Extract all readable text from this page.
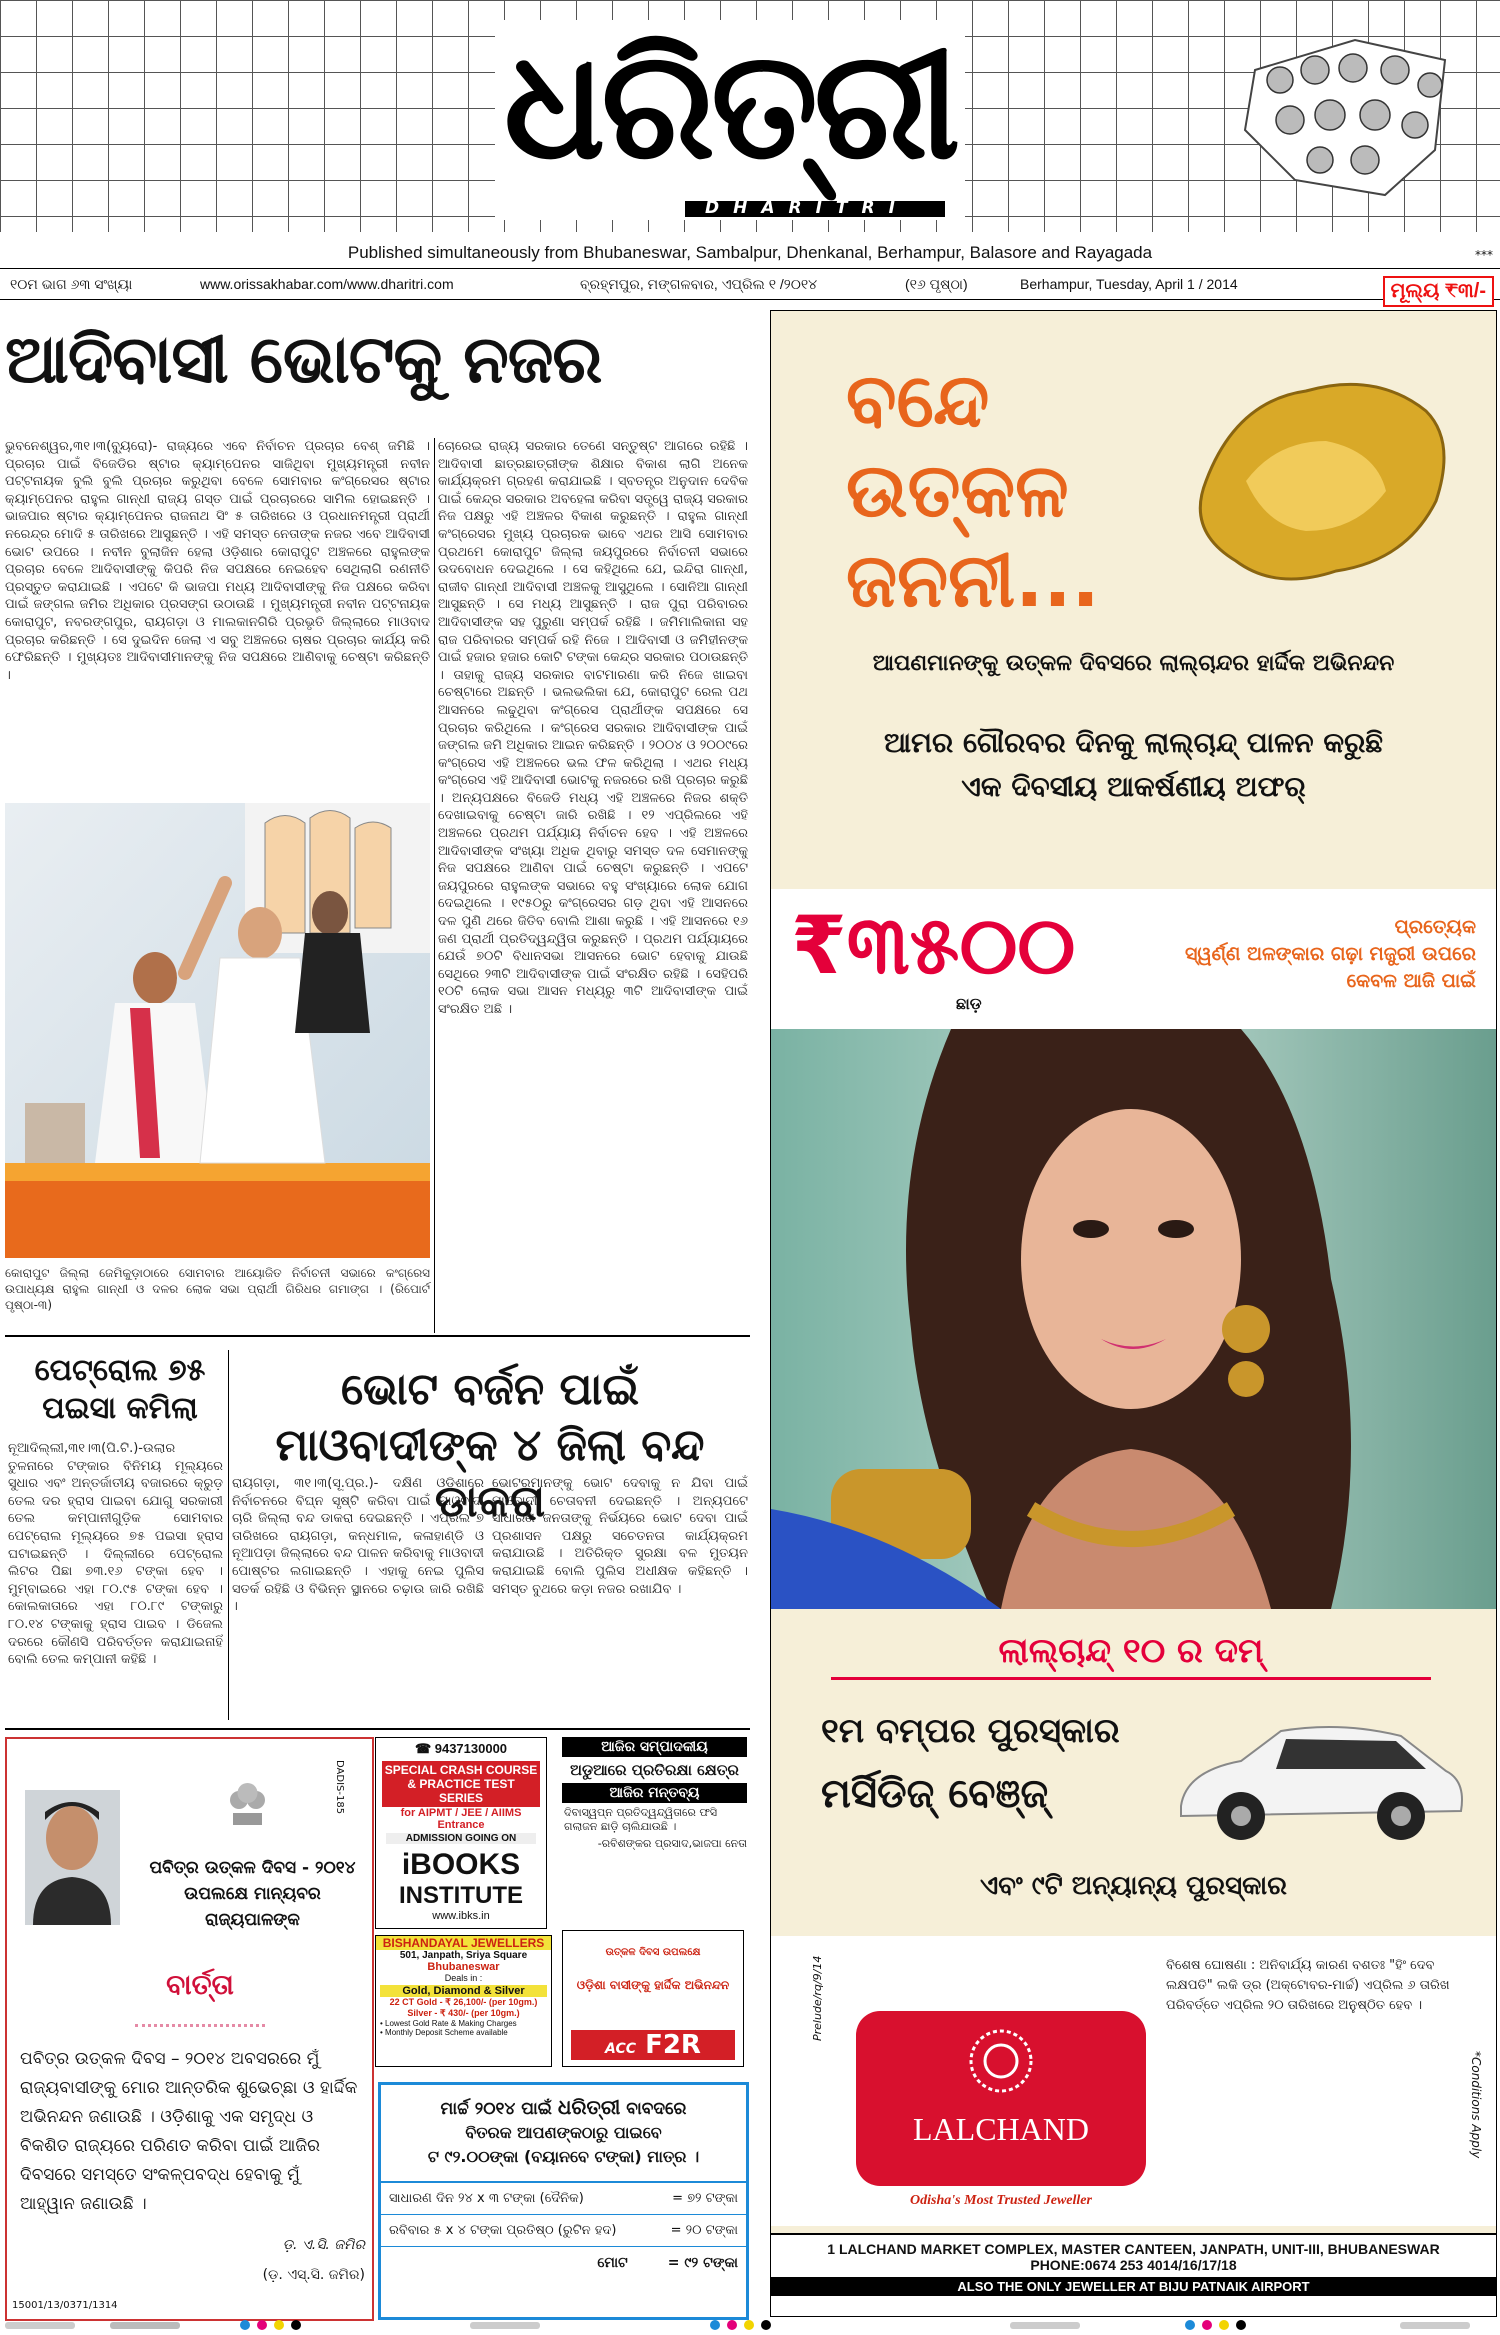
ଧରିତ୍ରୀ
DHARITRI
Published simultaneously from Bhubaneswar, Sambalpur, Dhenkanal, Berhampur, Balasore and Rayagada	***
୧୦ମ ଭାଗ ୬୩ ସଂଖ୍ୟା	www.orissakhabar.com/www.dharitri.com	ବ୍ରହ୍ମପୁର, ମଙ୍ଗଳବାର, ଏପ୍ରିଲ ୧ /୨୦୧୪	(୧୬ ପୃଷ୍ଠା)	Berhampur, Tuesday, April 1 / 2014	ମୂଲ୍ୟ ₹୩/-
ଆଦିବାସୀ ଭୋଟକୁ ନଜର
ଭୁବନେଶ୍ୱର,୩୧।୩(ବ୍ୟୁରୋ)- ରାଜ୍ୟରେ ଏବେ ନିର୍ବାଚନ ପ୍ରଚାର ବେଶ୍ ଜମିଛି । ପ୍ରଚାର ପାଇଁ ବିଜେଡିର ଷ୍ଟାର କ୍ୟାମ୍ପେନର ସାଜିଥିବା ମୁଖ୍ୟମନ୍ତ୍ରୀ ନବୀନ ପଟ୍ଟନାୟକ ବୁଲି ବୁଲି ପ୍ରଚାର କରୁଥିବା ବେଳେ ସୋମବାର କଂଗ୍ରେସର ଷ୍ଟାର କ୍ୟାମ୍ପେନର ରାହୁଲ ଗାନ୍ଧୀ ରାଜ୍ୟ ଗସ୍ତ ପାଇଁ ପ୍ରଚାରରେ ସାମିଲ ହୋଇଛନ୍ତି । ଭାଜପାର ଷ୍ଟାର କ୍ୟାମ୍ପେନର ରାଜନାଥ ସିଂ ୫ ତାରିଖରେ ଓ ପ୍ରଧାନମନ୍ତ୍ରୀ ପ୍ରାର୍ଥୀ ନରେନ୍ଦ୍ର ମୋଦି ୫ ତାରିଖରେ ଆସୁଛନ୍ତି । ଏହି ସମସ୍ତ ନେତାଙ୍କ ନଜର ଏବେ ଆଦିବାସୀ ଭୋଟ ଉପରେ । ନବୀନ ବୁଲାଜିନ ହେଲା ଓଡ଼ିଶାର କୋରାପୁଟ ଅଞ୍ଚଳରେ ରାହୁଲଙ୍କ ପ୍ରଚାର ବେଳେ ଆଦିବାସୀଙ୍କୁ କିପରି ନିଜ ସପକ୍ଷରେ ନେଇହେବ ସେଥିଲାଗି ରଣନୀତି ପ୍ରସ୍ତୁତ କରାଯାଇଛି । ଏପଟେ କି ଭାଜପା ମଧ୍ୟ ଆଦିବାସୀଙ୍କୁ ନିଜ ପକ୍ଷରେ କରିବା ପାଇଁ ଜଙ୍ଗଲ ଜମିର ଅଧିକାର ପ୍ରସଙ୍ଗ ଉଠାଉଛି । ମୁଖ୍ୟମନ୍ତ୍ରୀ ନବୀନ ପଟ୍ଟନାୟକ କୋରାପୁଟ, ନବରଙ୍ଗପୁର, ରାୟଗଡ଼ା ଓ ମାଲକାନଗିରି ପ୍ରଭୃତି ଜିଲ୍ଲାରେ ମାଓବାଦ ପ୍ରଚାର କରିଛନ୍ତି । ସେ ଦୁଇଦିନ ଜେଲା ଏ ସବୁ ଅଞ୍ଚଳରେ ଚାଷର ପ୍ରଚାର କାର୍ଯ୍ୟ କରି ଫେରିଛନ୍ତି । ମୁଖ୍ୟତଃ ଆଦିବାସୀମାନଙ୍କୁ ନିଜ ସପକ୍ଷରେ ଆଣିବାକୁ ଚେଷ୍ଟା କରିଛନ୍ତି ।
ଚୋରେଇ ରାଜ୍ୟ ସରକାର ତେଣେ ସନ୍ତୁଷ୍ଟ ଆଗରେ ରହିଛି । ଆଦିବାସୀ ଛାତ୍ରଛାତ୍ରୀଙ୍କ ଶିକ୍ଷାର ବିକାଶ ଲାଗି ଅନେକ କାର୍ଯ୍ୟକ୍ରମ ଗ୍ରହଣ କରାଯାଇଛି । ସ୍ବତନ୍ତ୍ର ଅନୁଦାନ ଦେବିକ ପାଇଁ କେନ୍ଦ୍ର ସରକାର ଅବହେଳା କରିବା ସତ୍ତ୍ୱେ ରାଜ୍ୟ ସରକାର ନିଜ ପକ୍ଷରୁ ଏହି ଅଞ୍ଚଳର ବିକାଶ କରୁଛନ୍ତି । ରାହୁଲ ଗାନ୍ଧୀ କଂଗ୍ରେସର ମୁଖ୍ୟ ପ୍ରଚାରକ ଭାବେ ଏଥର ଆସି ସୋମବାର ପ୍ରଥମେ କୋରାପୁଟ ଜିଲ୍ଲା ଜୟପୁରରେ ନିର୍ବାଚନୀ ସଭାରେ ଉଦବୋଧନ ଦେଇଥିଲେ । ସେ କହିଥିଲେ ଯେ, ଇନ୍ଦିରା ଗାନ୍ଧୀ, ରାଜୀବ ଗାନ୍ଧୀ ଆଦିବାସୀ ଅଞ୍ଚଳକୁ ଆସୁଥିଲେ । ସୋନିଆ ଗାନ୍ଧୀ ଆସୁଛନ୍ତି । ସେ ମଧ୍ୟ ଆସୁଛନ୍ତି । ରାଜ ପୁରା ପରିବାରର ଆଦିବାସୀଙ୍କ ସହ ପୁରୁଣା ସମ୍ପର୍କ ରହିଛି । ଜମିମାଲିକାନା ସହ ରାଜ ପରିବାରର ସମ୍ପର୍କ ରହି ନିଜେ । ଆଦିବାସୀ ଓ ଜମିହୀନଙ୍କ ପାଇଁ ହଜାର ହଜାର କୋଟି ଟଙ୍କା କେନ୍ଦ୍ର ସରକାର ପଠାଉଛନ୍ତି । ତାହାକୁ ରାଜ୍ୟ ସରକାର ବାଟମାରଣା କରି ନିଜେ ଖାଇବା ଚେଷ୍ଟାରେ ଅଛନ୍ତି । ଭଲଭଲିକା ଯେ, କୋରାପୁଟ ରେଲ ପଥ ଆସନରେ ଲଢୁଥିବା କଂଗ୍ରେସ ପ୍ରାର୍ଥୀଙ୍କ ସପକ୍ଷରେ ସେ ପ୍ରଚାର କରିଥିଲେ । କଂଗ୍ରେସ ସରକାର ଆଦିବାସୀଙ୍କ ପାଇଁ ଜଙ୍ଗଲ ଜମି ଅଧିକାର ଆଇନ କରିଛନ୍ତି । ୨୦୦୪ ଓ ୨୦୦୯ରେ କଂଗ୍ରେସ ଏହି ଅଞ୍ଚଳରେ ଭଲ ଫଳ କରିଥିଲା । ଏଥର ମଧ୍ୟ କଂଗ୍ରେସ ଏହି ଆଦିବାସୀ ଭୋଟକୁ ନଜରରେ ରଖି ପ୍ରଚାର କରୁଛି । ଅନ୍ୟପକ୍ଷରେ ବିଜେଡି ମଧ୍ୟ ଏହି ଅଞ୍ଚଳରେ ନିଜର ଶକ୍ତି ଦେଖାଇବାକୁ ଚେଷ୍ଟା ଜାରି ରଖିଛି । ୧୨ ଏପ୍ରିଲରେ ଏହି ଅଞ୍ଚଳରେ ପ୍ରଥମ ପର୍ଯ୍ୟାୟ ନିର୍ବାଚନ ହେବ । ଏହି ଅଞ୍ଚଳରେ ଆଦିବାସୀଙ୍କ ସଂଖ୍ୟା ଅଧିକ ଥିବାରୁ ସମସ୍ତ ଦଳ ସେମାନଙ୍କୁ ନିଜ ସପକ୍ଷରେ ଆଣିବା ପାଇଁ ଚେଷ୍ଟା କରୁଛନ୍ତି । ଏପଟେ ଜୟପୁରରେ ରାହୁଲଙ୍କ ସଭାରେ ବହୁ ସଂଖ୍ୟାରେ ଲୋକ ଯୋଗ ଦେଇଥିଲେ । ୧୯୫୦ରୁ କଂଗ୍ରେସର ଗଡ଼ ଥିବା ଏହି ଆସନରେ ଦଳ ପୁଣି ଥରେ ଜିତିବ ବୋଲି ଆଶା କରୁଛି । ଏହି ଆସନରେ ୧୬ ଜଣ ପ୍ରାର୍ଥୀ ପ୍ରତିଦ୍ୱନ୍ଦ୍ୱିତା କରୁଛନ୍ତି । ପ୍ରଥମ ପର୍ଯ୍ୟାୟରେ ଯେଉଁ ୭୦ଟି ବିଧାନସଭା ଆସନରେ ଭୋଟ ହେବାକୁ ଯାଉଛି ସେଥିରେ ୨୩ଟି ଆଦିବାସୀଙ୍କ ପାଇଁ ସଂରକ୍ଷିତ ରହିଛି । ସେହିପରି ୧୦ଟି ଲୋକ ସଭା ଆସନ ମଧ୍ୟରୁ ୩ଟି ଆଦିବାସୀଙ୍କ ପାଇଁ ସଂରକ୍ଷିତ ଅଛି ।
କୋରାପୁଟ ଜିଲ୍ଲା ଜେମିକୁଡ଼ାଠାରେ ସୋମବାର ଆୟୋଜିତ ନିର୍ବାଚନୀ ସଭାରେ କଂଗ୍ରେସ ଉପାଧ୍ୟକ୍ଷ ରାହୁଲ ଗାନ୍ଧୀ ଓ ଦଳର ଲୋକ ସଭା ପ୍ରାର୍ଥୀ ଗିରିଧର ଗମାଙ୍ଗ । (ରିପୋର୍ଟ ପୃଷ୍ଠା-୩)
ପେଟ୍ରୋଲ ୭୫ ପଇସା କମିଲା
ନୂଆଦିଲ୍ଲୀ,୩୧।୩(ପି.ଟି.)-ଉଲାର ତୁଳନାରେ ଟଙ୍କାର ବିନିମୟ ମୂଲ୍ୟରେ ସୁଧାର ଏବଂ ଅନ୍ତର୍ଜାତୀୟ ବଜାରରେ କ୍ରୁଡ଼ ତେଲ ଦର ହ୍ରାସ ପାଇବା ଯୋଗୁ ସରକାରୀ ତେଲ କମ୍ପାନୀଗୁଡ଼ିକ ସୋମବାର ପେଟ୍ରୋଲ ମୂଲ୍ୟରେ ୭୫ ପଇସା ହ୍ରାସ ଘଟାଇଛନ୍ତି । ଦିଲ୍ଲୀରେ ପେଟ୍ରୋଲ ଲିଟର ପିଛା ୭୩.୧୬ ଟଙ୍କା ହେବ । ମୁମ୍ବାଇରେ ଏହା ୮୦.୯୫ ଟଙ୍କା ହେବ । କୋଲକାତାରେ ଏହା ୮୦.୮୯ ଟଙ୍କାରୁ ୮୦.୧୪ ଟଙ୍କାକୁ ହ୍ରାସ ପାଇବ । ଡିଜେଲ ଦରରେ କୌଣସି ପରିବର୍ତ୍ତନ କରାଯାଇନାହିଁ ବୋଲି ତେଲ କମ୍ପାନୀ କହିଛି ।
ଭୋଟ ବର୍ଜନ ପାଇଁ ମାଓବାଦୀଙ୍କ ୪ ଜିଲା ବନ୍ଦ ଡାକରା
ରାୟଗଡ଼ା, ୩୧।୩(ସୂ.ପ୍ର.)- ଦକ୍ଷିଣ ଓଡ଼ିଶାରେ ନିର୍ବାଚନରେ ବିଘ୍ନ ସୃଷ୍ଟି କରିବା ପାଇଁ ମାଓବାଦୀ ଚାରି ଜିଲ୍ଲା ବନ୍ଦ ଡାକରା ଦେଇଛନ୍ତି । ଏପ୍ରିଲ ୭ ତାରିଖରେ ରାୟଗଡ଼ା, କନ୍ଧମାଳ, କଳାହାଣ୍ଡି ଓ ନୂଆପଡ଼ା ଜିଲ୍ଲାରେ ବନ୍ଦ ପାଳନ କରିବାକୁ ମାଓବାଦୀ ପୋଷ୍ଟର ଲଗାଇଛନ୍ତି । ଏହାକୁ ନେଇ ପୁଲିସ ସତର୍କ ରହିଛି ଓ ବିଭିନ୍ନ ସ୍ଥାନରେ ଚଢ଼ାଉ ଜାରି ରଖିଛି ।
ଭୋଟରମାନଙ୍କୁ ଭୋଟ ଦେବାକୁ ନ ଯିବା ପାଇଁ ମାଓବାଦୀ ଚେତାବନୀ ଦେଇଛନ୍ତି । ଅନ୍ୟପଟେ ସାଧାରଣ ଜନତାଙ୍କୁ ନିର୍ଭୟରେ ଭୋଟ ଦେବା ପାଇଁ ପ୍ରଶାସନ ପକ୍ଷରୁ ସଚେତନତା କାର୍ଯ୍ୟକ୍ରମ କରାଯାଉଛି । ଅତିରିକ୍ତ ସୁରକ୍ଷା ବଳ ମୁତୟନ କରାଯାଇଛି ବୋଲି ପୁଲିସ ଅଧୀକ୍ଷକ କହିଛନ୍ତି । ସମସ୍ତ ବୁଥରେ କଡ଼ା ନଜର ରଖାଯିବ ।
DADIS-185
ପବିତ୍ର ଉତ୍କଳ ଦିବସ - ୨୦୧୪ ଉପଲକ୍ଷେ ମାନ୍ୟବର ରାଜ୍ୟପାଳଙ୍କ
ବାର୍ତ୍ତା
ପବିତ୍ର ଉତ୍କଳ ଦିବସ – ୨୦୧୪ ଅବସରରେ ମୁଁ ରାଜ୍ୟବାସୀଙ୍କୁ ମୋର ଆନ୍ତରିକ ଶୁଭେଚ୍ଛା ଓ ହାର୍ଦ୍ଦିକ ଅଭିନନ୍ଦନ ଜଣାଉଛି । ଓଡ଼ିଶାକୁ ଏକ ସମୃଦ୍ଧ ଓ ବିକଶିତ ରାଜ୍ୟରେ ପରିଣତ କରିବା ପାଇଁ ଆଜିର ଦିବସରେ ସମସ୍ତେ ସଂକଳ୍ପବଦ୍ଧ ହେବାକୁ ମୁଁ ଆହ୍ୱାନ ଜଣାଉଛି ।
ଡ଼. ଏ.ସି. ଜମିର
(ଡ଼. ଏସ୍.ସି. ଜମିର)
15001/13/0371/1314
☎ 9437130000
SPECIAL CRASH COURSE & PRACTICE TEST SERIES
for AIPMT / JEE / AIIMS Entrance
ADMISSION GOING ON
iBOOKS
INSTITUTE
www.ibks.in
BISHANDAYAL JEWELLERS
501, Janpath, Sriya Square
Bhubaneswar
Deals in :
Gold, Diamond & Silver
22 CT Gold - ₹ 26,100/- (per 10gm.)
Silver - ₹ 430/- (per 10gm.)
• Lowest Gold Rate & Making Charges
• Monthly Deposit Scheme available
ଆଜିର ସମ୍ପାଦକୀୟ
ଅଡୁଆରେ ପ୍ରତିରକ୍ଷା କ୍ଷେତ୍ର
ଆଜିର ମନ୍ତବ୍ୟ
ଦିବାସ୍ୱପ୍ନ ପ୍ରତିଦ୍ୱନ୍ଦ୍ୱିତାରେ ଫସି ଗଲାଜନ ଛାଡ଼ି ଚାଲିଯାଉଛି ।
-ରବିଶଙ୍କର ପ୍ରସାଦ,ଭାଜପା ନେତା
ଉତ୍କଳ ଦିବସ ଉପଲକ୍ଷେ
ଓଡ଼ିଶା ବାସୀଙ୍କୁ ହାର୍ଦ୍ଦିକ ଅଭିନନ୍ଦନ
ACC F2R
ମାର୍ଚ୍ଚ ୨୦୧୪ ପାଇଁ ଧରିତ୍ରୀ ବାବଦରେ
ବିତରକ ଆପଣଙ୍କଠାରୁ ପାଇବେ
ଟ ୯୨.୦୦ଙ୍କା (ବୟାନବେ ଟଙ୍କା) ମାତ୍ର ।
ସାଧାରଣ ଦିନ ୨୪ x ୩ ଟଙ୍କା (ଦୈନିକ)	= ୭୨ ଟଙ୍କା
ରବିବାର ୫ x ୪ ଟଙ୍କା ପ୍ରତିଷ୍ଠ (ରୁଟିନ ହଦ)	= ୨୦ ଟଙ୍କା
ମୋଟ	= ୯୨ ଟଙ୍କା
ବନ୍ଦେ
ଉତ୍କଳ
ଜନନୀ...
ଆପଣମାନଙ୍କୁ ଉତ୍କଳ ଦିବସରେ ଲାଲ୍‌ଚାନ୍ଦର ହାର୍ଦ୍ଦିକ ଅଭିନନ୍ଦନ
ଆମର ଗୌରବର ଦିନକୁ ଲାଲ୍‌ଚାନ୍ଦ୍ ପାଳନ କରୁଛି
ଏକ ଦିବସୀୟ ଆକର୍ଷଣୀୟ ଅଫର୍
₹୩୫୦୦
ଛାଡ଼
ପ୍ରତ୍ୟେକ
ସ୍ୱର୍ଣ୍ଣ ଅଳଙ୍କାର ଗଢ଼ା ମଜୁରୀ ଉପରେ
କେବଳ ଆଜି ପାଇଁ
ଲାଲ୍‌ଚାନ୍ଦ୍ ୧୦ ର ଦମ୍
୧ମ ବମ୍ପର ପୁରସ୍କାର
ମର୍ସିଡିଜ୍ ବେଞ୍ଜ୍
ଏବଂ ୯ଟି ଅନ୍ୟାନ୍ୟ ପୁରସ୍କାର
ବିଶେଷ ଘୋଷଣା : ଅନିବାର୍ଯ୍ୟ କାରଣ ବଶତଃ "ହିଂ ଦେବ ଲକ୍ଷପତି" ଲକି ଡ୍ର (ଅକ୍ଟୋବର-ମାର୍ଚ୍ଚ) ଏପ୍ରିଲ ୬ ତାରିଖ ପରିବର୍ତ୍ତେ ଏପ୍ରିଲ ୨୦ ତାରିଖରେ ଅନୁଷ୍ଠିତ ହେବ ।
LALCHAND
Odisha's Most Trusted Jeweller
Prelude/rq/9/14
*Conditions Apply
1 LALCHAND MARKET COMPLEX, MASTER CANTEEN, JANPATH, UNIT-III, BHUBANESWAR
PHONE:0674 253 4014/16/17/18
ALSO THE ONLY JEWELLER AT BIJU PATNAIK AIRPORT
